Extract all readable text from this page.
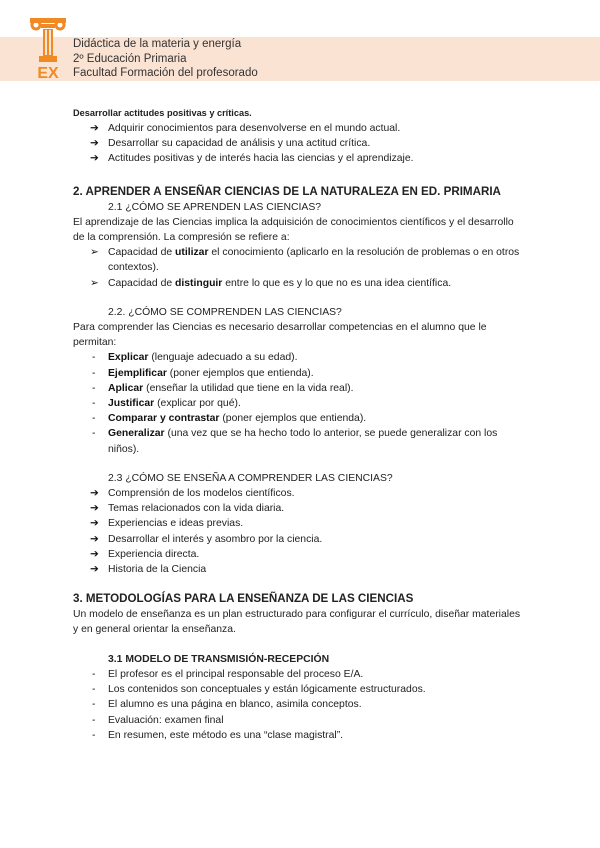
EX
Didáctica de la materia y energía
2º Educación Primaria
Facultad Formación del profesorado
Desarrollar actitudes positivas y críticas.
➔ Adquirir conocimientos para desenvolverse en el mundo actual.
➔ Desarrollar su capacidad de análisis y una actitud crítica.
➔ Actitudes positivas y de interés hacia las ciencias y el aprendizaje.
2. APRENDER A ENSEÑAR CIENCIAS DE LA NATURALEZA EN ED. PRIMARIA
2.1 ¿CÓMO SE APRENDEN LAS CIENCIAS?
El aprendizaje de las Ciencias implica la adquisición de conocimientos científicos y el desarrollo de la comprensión. La compresión se refiere a:
➢ Capacidad de utilizar el conocimiento (aplicarlo en la resolución de problemas o en otros contextos).
➢ Capacidad de distinguir entre lo que es y lo que no es una idea científica.
2.2. ¿CÓMO SE COMPRENDEN LAS CIENCIAS?
Para comprender las Ciencias es necesario desarrollar competencias en el alumno que le permitan:
-	Explicar (lenguaje adecuado a su edad).
-	Ejemplificar (poner ejemplos que entienda).
-	Aplicar (enseñar la utilidad que tiene en la vida real).
-	Justificar (explicar por qué).
-	Comparar y contrastar (poner ejemplos que entienda).
-	Generalizar (una vez que se ha hecho todo lo anterior, se puede generalizar con los niños).
2.3 ¿CÓMO SE ENSEÑA A COMPRENDER LAS CIENCIAS?
➔ Comprensión de los modelos científicos.
➔ Temas relacionados con la vida diaria.
➔ Experiencias e ideas previas.
➔ Desarrollar el interés y asombro por la ciencia.
➔ Experiencia directa.
➔ Historia de la Ciencia
3. METODOLOGÍAS PARA LA ENSEÑANZA DE LAS CIENCIAS
Un modelo de enseñanza es un plan estructurado para configurar el currículo, diseñar materiales y en general orientar la enseñanza.
3.1 MODELO DE TRANSMISIÓN-RECEPCIÓN
-	El profesor es el principal responsable del proceso E/A.
-	Los contenidos son conceptuales y están lógicamente estructurados.
-	El alumno es una página en blanco, asimila conceptos.
-	Evaluación: examen final
-	En resumen, este método es una “clase magistral”.
